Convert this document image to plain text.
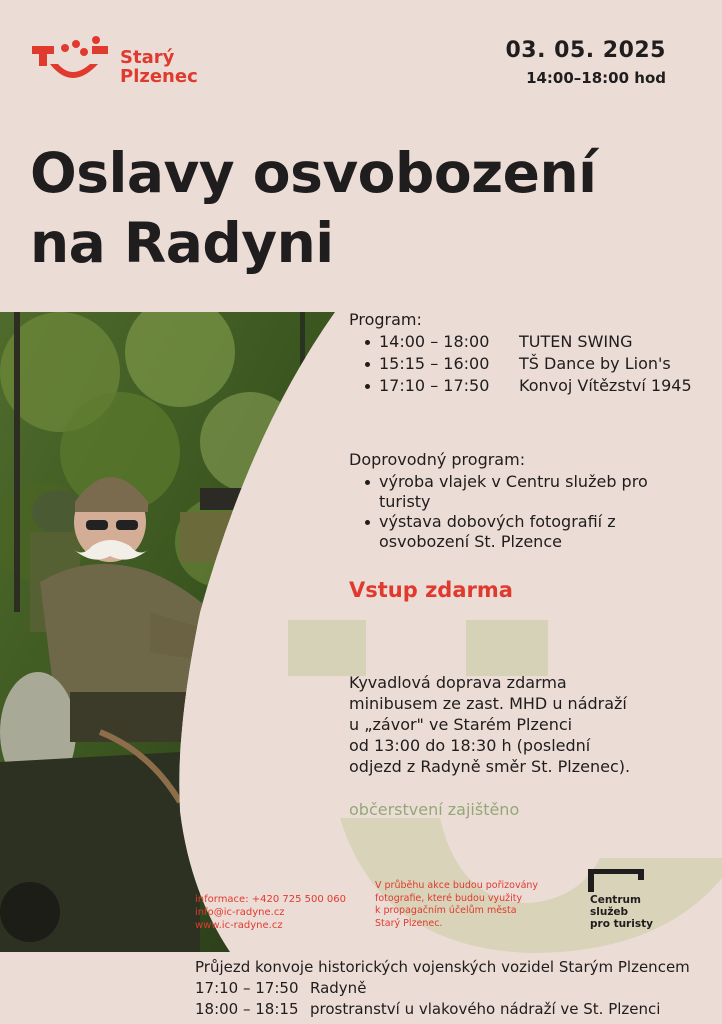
Starý
Plzenec
03. 05. 2025
14:00–18:00 hod
Oslavy osvobození
na Radyni
Program:
14:00 – 18:00 TUTEN SWING
15:15 – 16:00 TŠ Dance by Lion's
17:10 – 17:50 Konvoj Vítězství 1945
Doprovodný program:
výroba vlajek v Centru služeb pro turisty
výstava dobových fotografií z osvobození St. Plzence
Vstup zdarma
Kyvadlová doprava zdarma
minibusem ze zast. MHD u nádraží
u „závor" ve Starém Plzenci
od 13:00 do 18:30 h (poslední
odjezd z Radyně směr St. Plzenec).
občerstvení zajištěno
informace: +420 725 500 060
info@ic-radyne.cz
www.ic-radyne.cz
V průběhu akce budou pořizovány
fotografie, které budou využity
k propagačním účelům města
Starý Plzenec.
Centrum
služeb
pro turisty
Průjezd konvoje historických vojenských vozidel Starým Plzencem
17:10 – 17:50 Radyně
18:00 – 18:15 prostranství u vlakového nádraží ve St. Plzenci
